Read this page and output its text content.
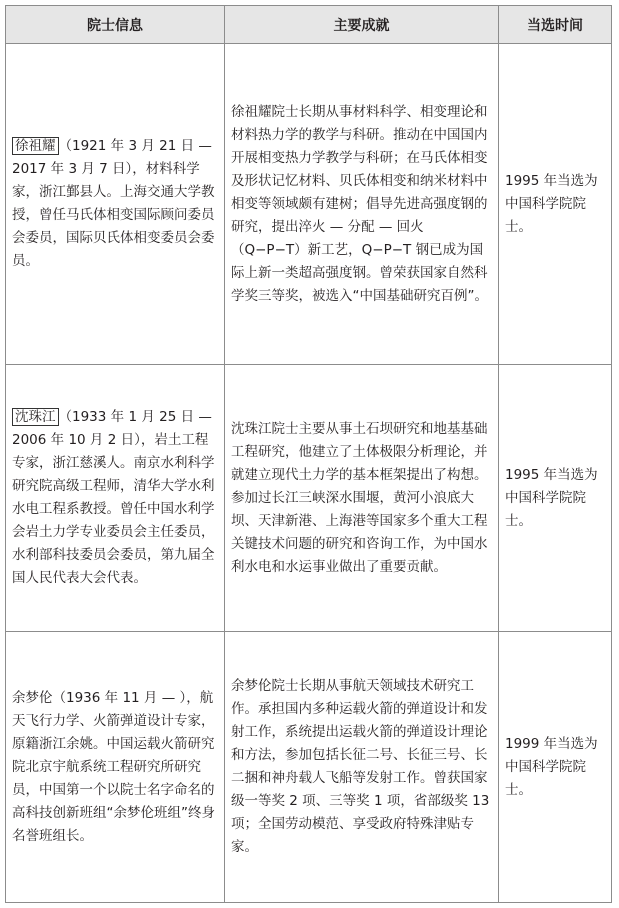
院士信息	主要成就	当选时间
徐祖耀 （1921 年 3 月 21 日 — 2017 年 3 月 7 日），材料科学家，浙江鄞县人。上海交通大学教授，曾任马氏体相变国际顾问委员会委员，国际贝氏体相变委员会委员。	徐祖耀院士长期从事材料科学、相变理论和材料热力学的教学与科研。推动在中国国内开展相变热力学教学与科研；在马氏体相变及形状记忆材料、贝氏体相变和纳米材料中相变等领域颇有建树；倡导先进高强度钢的研究，提出淬火 — 分配 — 回火（Q−P−T）新工艺，Q−P−T 钢已成为国际上新一类超高强度钢。曾荣获国家自然科学奖三等奖，被选入“中国基础研究百例”。	1995 年当选为中国科学院院士。
沈珠江 （1933 年 1 月 25 日 — 2006 年 10 月 2 日），岩土工程专家，浙江慈溪人。南京水利科学研究院高级工程师，清华大学水利水电工程系教授。曾任中国水利学会岩土力学专业委员会主任委员，水利部科技委员会委员，第九届全国人民代表大会代表。	沈珠江院士主要从事土石坝研究和地基基础工程研究，他建立了土体极限分析理论，并就建立现代土力学的基本框架提出了构想。参加过长江三峡深水围堰，黄河小浪底大坝、天津新港、上海港等国家多个重大工程关键技术问题的研究和咨询工作，为中国水利水电和水运事业做出了重要贡献。	1995 年当选为中国科学院院士。
余梦伦（1936 年 11 月 — ），航天飞行力学、火箭弹道设计专家，原籍浙江余姚。中国运载火箭研究院北京宇航系统工程研究所研究员，中国第一个以院士名字命名的高科技创新班组“余梦伦班组”终身名誉班组长。	余梦伦院士长期从事航天领域技术研究工作。承担国内多种运载火箭的弹道设计和发射工作，系统提出运载火箭的弹道设计理论和方法，参加包括长征二号、长征三号、长二捆和神舟载人飞船等发射工作。曾获国家级一等奖 2 项、三等奖 1 项，省部级奖 13 项；全国劳动模范、享受政府特殊津贴专家。	1999 年当选为中国科学院院士。
